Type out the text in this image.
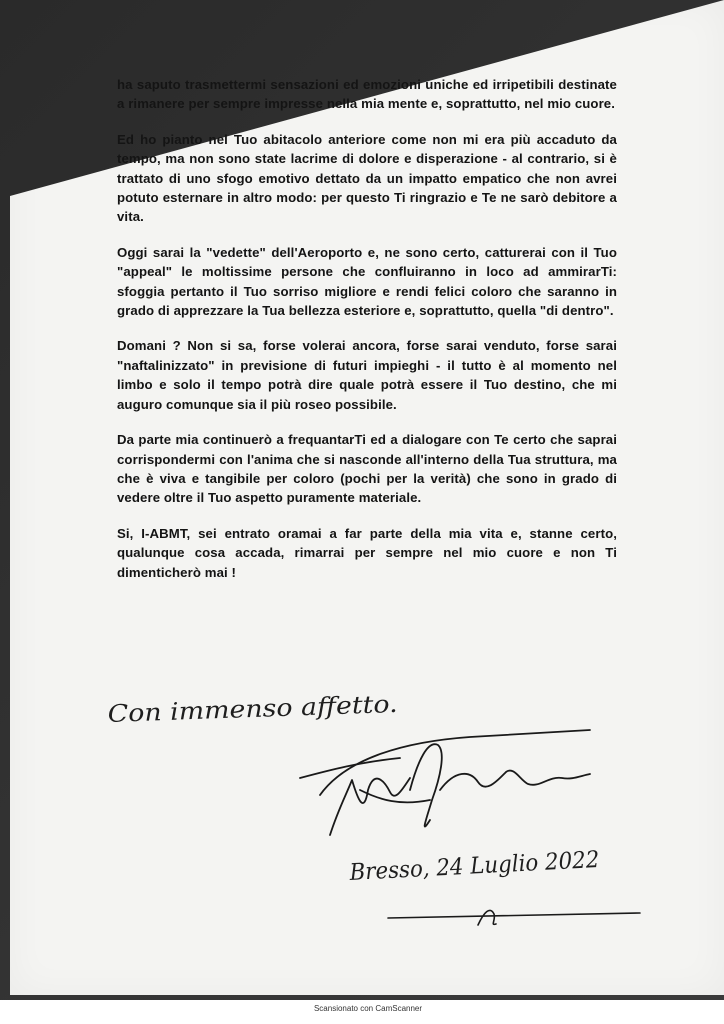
ha saputo trasmettermi sensazioni ed emozioni uniche ed irripetibili destinate a rimanere per sempre impresse nella mia mente e, soprattutto, nel mio cuore.

Ed ho pianto nel Tuo abitacolo anteriore come non mi era più accaduto da tempo, ma non sono state lacrime di dolore e disperazione - al contrario, si è trattato di uno sfogo emotivo dettato da un impatto empatico che non avrei potuto esternare in altro modo: per questo Ti ringrazio e Te ne sarò debitore a vita.

Oggi sarai la "vedette" dell'Aeroporto e, ne sono certo, catturerai con il Tuo "appeal" le moltissime persone che confluiranno in loco ad ammirarTi: sfoggia pertanto il Tuo sorriso migliore e rendi felici coloro che saranno in grado di apprezzare la Tua bellezza esteriore e, soprattutto, quella "di dentro".

Domani ? Non si sa, forse volerai ancora, forse sarai venduto, forse sarai "naftalinizzato" in previsione di futuri impieghi - il tutto è al momento nel limbo e solo il tempo potrà dire quale potrà essere il Tuo destino, che mi auguro comunque sia il più roseo possibile.

Da parte mia continuerò a frequantarTi ed a dialogare con Te certo che saprai corrispondermi con l'anima che si nasconde all'interno della Tua struttura, ma che è viva e tangibile per coloro (pochi per la verità) che sono in grado di vedere oltre il Tuo aspetto puramente materiale.

Si, I-ABMT, sei entrato oramai a far parte della mia vita e, stanne certo, qualunque cosa accada, rimarrai per sempre nel mio cuore e non Ti dimenticherò mai !

Con immenso affetto.
Bresso, 24 Luglio 2022
Scansionato con CamScanner
